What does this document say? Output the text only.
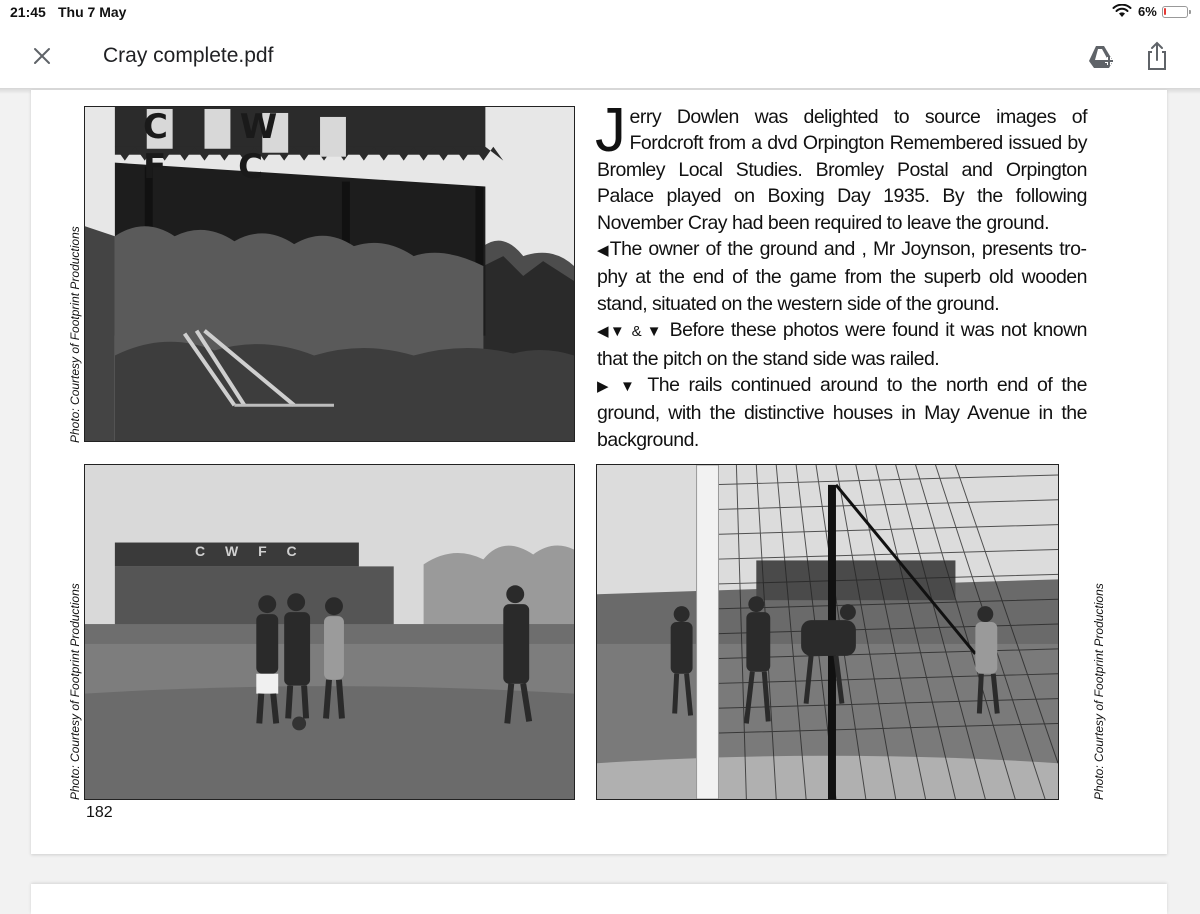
21:45 Thu 7 May	6%
Cray complete.pdf
C W F C

Jerry Dowlen was delighted to source images of Fordcroft from a dvd Orpington Remembered issued by Bromley Local Studies. Bromley Postal and Orpington Palace played on Boxing Day 1935. By the following November Cray had been required to leave the ground.

◀The owner of the ground and , Mr Joynson, presents trophy at the end of the game from the superb old wooden stand, situated on the western side of the ground.

◀▼ & ▼ Before these photos were found it was not known that the pitch on the stand side was railed.

▶ ▼ The rails continued around to the north end of the ground, with the distinctive houses in May Avenue in the background.

C W F C
Photo: Courtesy of Footprint Productions
Photo: Courtesy of Footprint Productions	Photo: Courtesy of Footprint Productions
182
